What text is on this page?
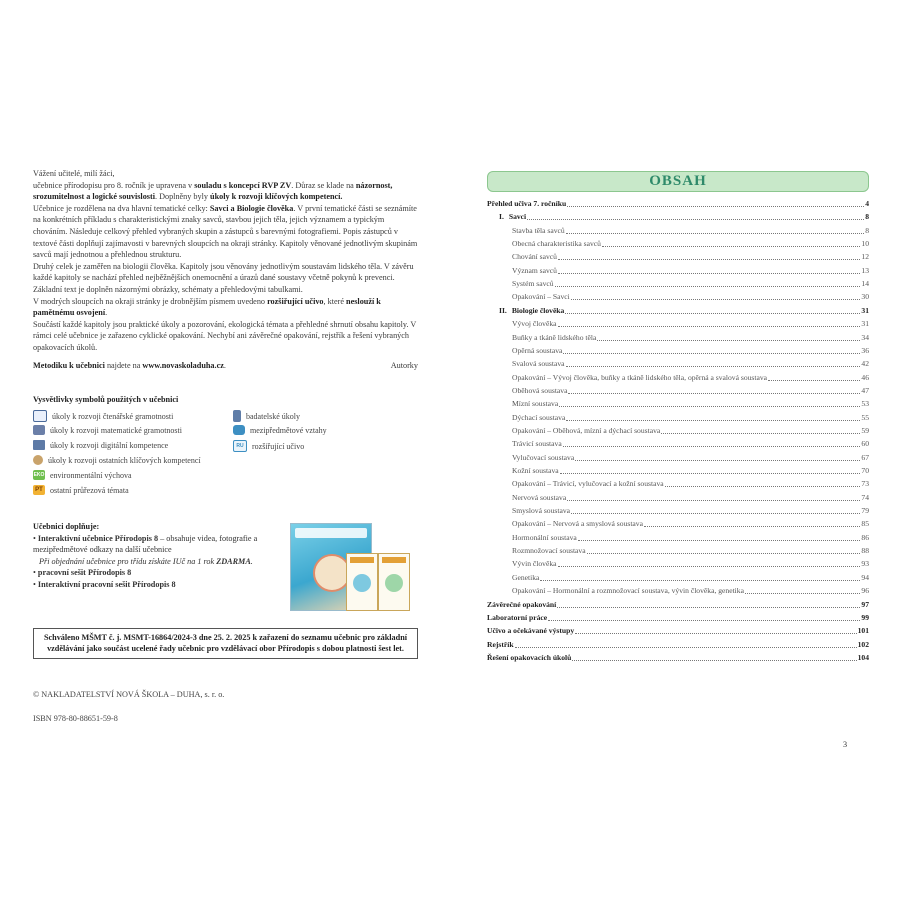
Vážení učitelé, milí žáci,

učebnice přírodopisu pro 8. ročník je upravena v souladu s koncepcí RVP ZV. Důraz se klade na názornost, srozumitelnost a logické souvislosti. Doplněny byly úkoly k rozvoji klíčových kompetencí.

Učebnice je rozdělena na dva hlavní tematické celky: Savci a Biologie člověka. V první tematické části se seznámíte na konkrétních příkladu s charakteristickými znaky savců, stavbou jejich těla, jejich významem a typickým chováním. Následuje celkový přehled vybraných skupin a zástupců s barevnými fotografiemi. Popis zástupců v textové části doplňují zajímavosti v barevných sloupcích na okraji stránky. Kapitoly věnované jednotlivým skupinám savců mají jednotnou a přehlednou strukturu.

Druhý celek je zaměřen na biologii člověka. Kapitoly jsou věnovány jednotlivým soustavám lidského těla. V závěru každé kapitoly se nachází přehled nejběžnějších onemocnění a úrazů dané soustavy včetně pokynů k prevenci. Základní text je doplněn názornými obrázky, schématy a přehledovými tabulkami.

V modrých sloupcích na okraji stránky je drobnějším písmem uvedeno rozšiřující učivo, které neslouží k pamětnému osvojení.

Součástí každé kapitoly jsou praktické úkoly a pozorování, ekologická témata a přehledné shrnutí obsahu kapitoly. V rámci celé učebnice je zařazeno cyklické opakování. Nechybí ani závěrečné opakování, rejstřík a řešení vybraných opakovacích úkolů.

Metodiku k učebnici najdete na www.novaskoladuha.cz.	Autorky
Vysvětlivky symbolů použitých v učebnici
úkoly k rozvoji čtenářské gramotnosti
úkoly k rozvoji matematické gramotnosti
úkoly k rozvoji digitální kompetence
úkoly k rozvoji ostatních klíčových kompetencí
EKO environmentální výchova
PT ostatní průřezová témata
badatelské úkoly
mezipředmětové vztahy
RU	rozšiřující učivo

Učebnici doplňuje:

• Interaktivní učebnice Přírodopis 8 – obsahuje videa, fotografie a mezipředmětové odkazy na další učebnice

Při objednání učebnice pro třídu získáte IUč na 1 rok ZDARMA.

• pracovní sešit Přírodopis 8

• Interaktivní pracovní sešit Přírodopis 8

Schváleno MŠMT č. j. MSMT-16864/2024-3 dne 25. 2. 2025 k zařazení do seznamu učebnic pro základní vzdělávání jako součást ucelené řady učebnic pro vzdělávací obor Přírodopis s dobou platnosti šest let.
© NAKLADATELSTVÍ NOVÁ ŠKOLA – DUHA, s. r. o.
ISBN 978-80-88651-59-8
OBSAH
Přehled učiva 7. ročníku	4
I. Savci	8
Stavba těla savců	8
Obecná charakteristika savců	10
Chování savců	12
Význam savců	13
Systém savců	14
Opakování – Savci	30
II. Biologie člověka	31
Vývoj člověka	31
Buňky a tkáně lidského těla	34
Opěrná soustava	36
Svalová soustava	42
Opakování – Vývoj člověka, buňky a tkáně lidského těla, opěrná a svalová soustava	46
Oběhová soustava	47
Mízní soustava	53
Dýchací soustava	55
Opakování – Oběhová, mízní a dýchací soustava	59
Trávicí soustava	60
Vylučovací soustava	67
Kožní soustava	70
Opakování – Trávicí, vylučovací a kožní soustava	73
Nervová soustava	74
Smyslová soustava	79
Opakování – Nervová a smyslová soustava	85
Hormonální soustava	86
Rozmnožovací soustava	88
Vývin člověka	93
Genetika	94
Opakování – Hormonální a rozmnožovací soustava, vývin člověka, genetika	96
Závěrečné opakování	97
Laboratorní práce	99
Učivo a očekávané výstupy	101
Rejstřík	102
Řešení opakovacích úkolů	104
3
